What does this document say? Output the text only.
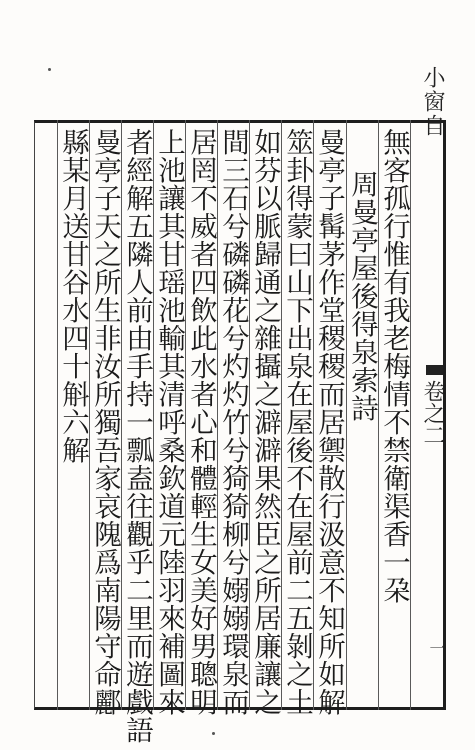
小窗自
卷之二
一
無客孤行惟有我老梅情不禁衛渠香一朶
周曼亭屋後得泉索詩
曼亭子髯茅作堂稷稷而居禦散行汲意不知所如解
筮卦得蒙曰山下出泉在屋後不在屋前二五剝之土
如芬以脈歸通之雜攝之澼澼果然臣之所居廉讓之
間三石兮磷磷花兮灼灼竹兮猗猗柳兮嫋嫋環泉而
居罔不威者四飲此水者心和體輕生女美好男聰明
上池讓其甘瑶池輸其清呼桑欽道元陸羽來補圖來
者經解五隣人前由手持一瓢盍往觀乎二里而遊戲語
曼亭子天之所生非汝所獨吾家哀隗爲南陽守命酈
縣某月送甘谷水四十斛六解
